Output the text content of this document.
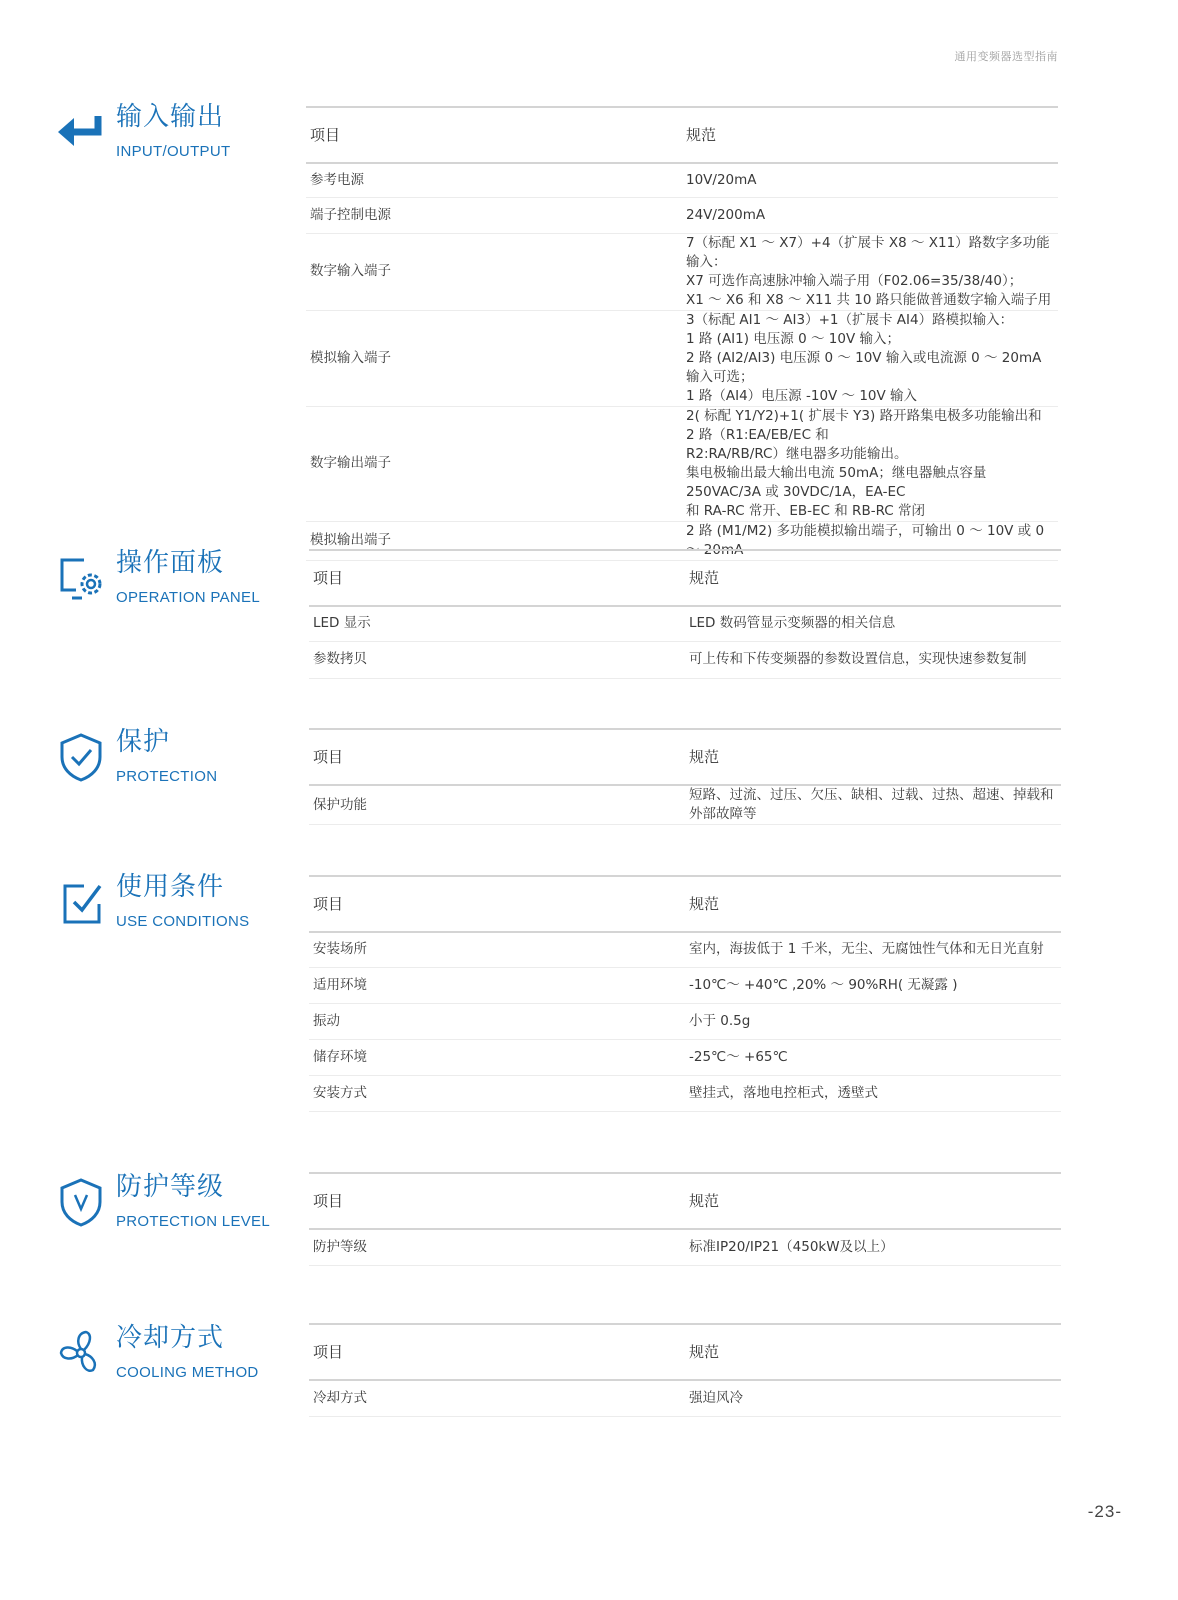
通用变频器选型指南
输入输出
INPUT/OUTPUT
项目	规范
参考电源	10V/20mA
端子控制电源	24V/200mA
数字输入端子	7（标配 X1 ～ X7）+4（扩展卡 X8 ～ X11）路数字多功能输入：
X7 可选作高速脉冲输入端子用（F02.06=35/38/40）；
X1 ～ X6 和 X8 ～ X11 共 10 路只能做普通数字输入端子用

模拟输入端子	3（标配 AI1 ～ AI3）+1（扩展卡 AI4）路模拟输入：
1 路 (AI1) 电压源 0 ～ 10V 输入；
2 路 (AI2/AI3) 电压源 0 ～ 10V 输入或电流源 0 ～ 20mA 输入可选；
1 路（AI4）电压源 -10V ～ 10V 输入

数字输出端子	2( 标配 Y1/Y2)+1( 扩展卡 Y3) 路开路集电极多功能输出和 2 路（R1:EA/EB/EC 和
R2:RA/RB/RC）继电器多功能输出。
集电极输出最大输出电流 50mA；继电器触点容量 250VAC/3A 或 30VDC/1A，EA-EC
和 RA-RC 常开、EB-EC 和 RB-RC 常闭

模拟输出端子	2 路 (M1/M2) 多功能模拟输出端子，可输出 0 ～ 10V 或 0 ～ 20mA
操作面板
OPERATION PANEL
项目	规范
LED 显示	LED 数码管显示变频器的相关信息
参数拷贝	可上传和下传变频器的参数设置信息，实现快速参数复制
保护
PROTECTION
项目	规范
保护功能	短路、过流、过压、欠压、缺相、过载、过热、超速、掉载和外部故障等
使用条件
USE CONDITIONS
项目	规范
安装场所	室内，海拔低于 1 千米，无尘、无腐蚀性气体和无日光直射
适用环境	-10℃～ +40℃ ,20% ～ 90%RH( 无凝露 )
振动	小于 0.5g
储存环境	-25℃～ +65℃
安装方式	壁挂式，落地电控柜式，透壁式
防护等级
PROTECTION LEVEL
项目	规范
防护等级	标准IP20/IP21（450kW及以上）
冷却方式
COOLING METHOD
项目	规范
冷却方式	强迫风冷
-23-
